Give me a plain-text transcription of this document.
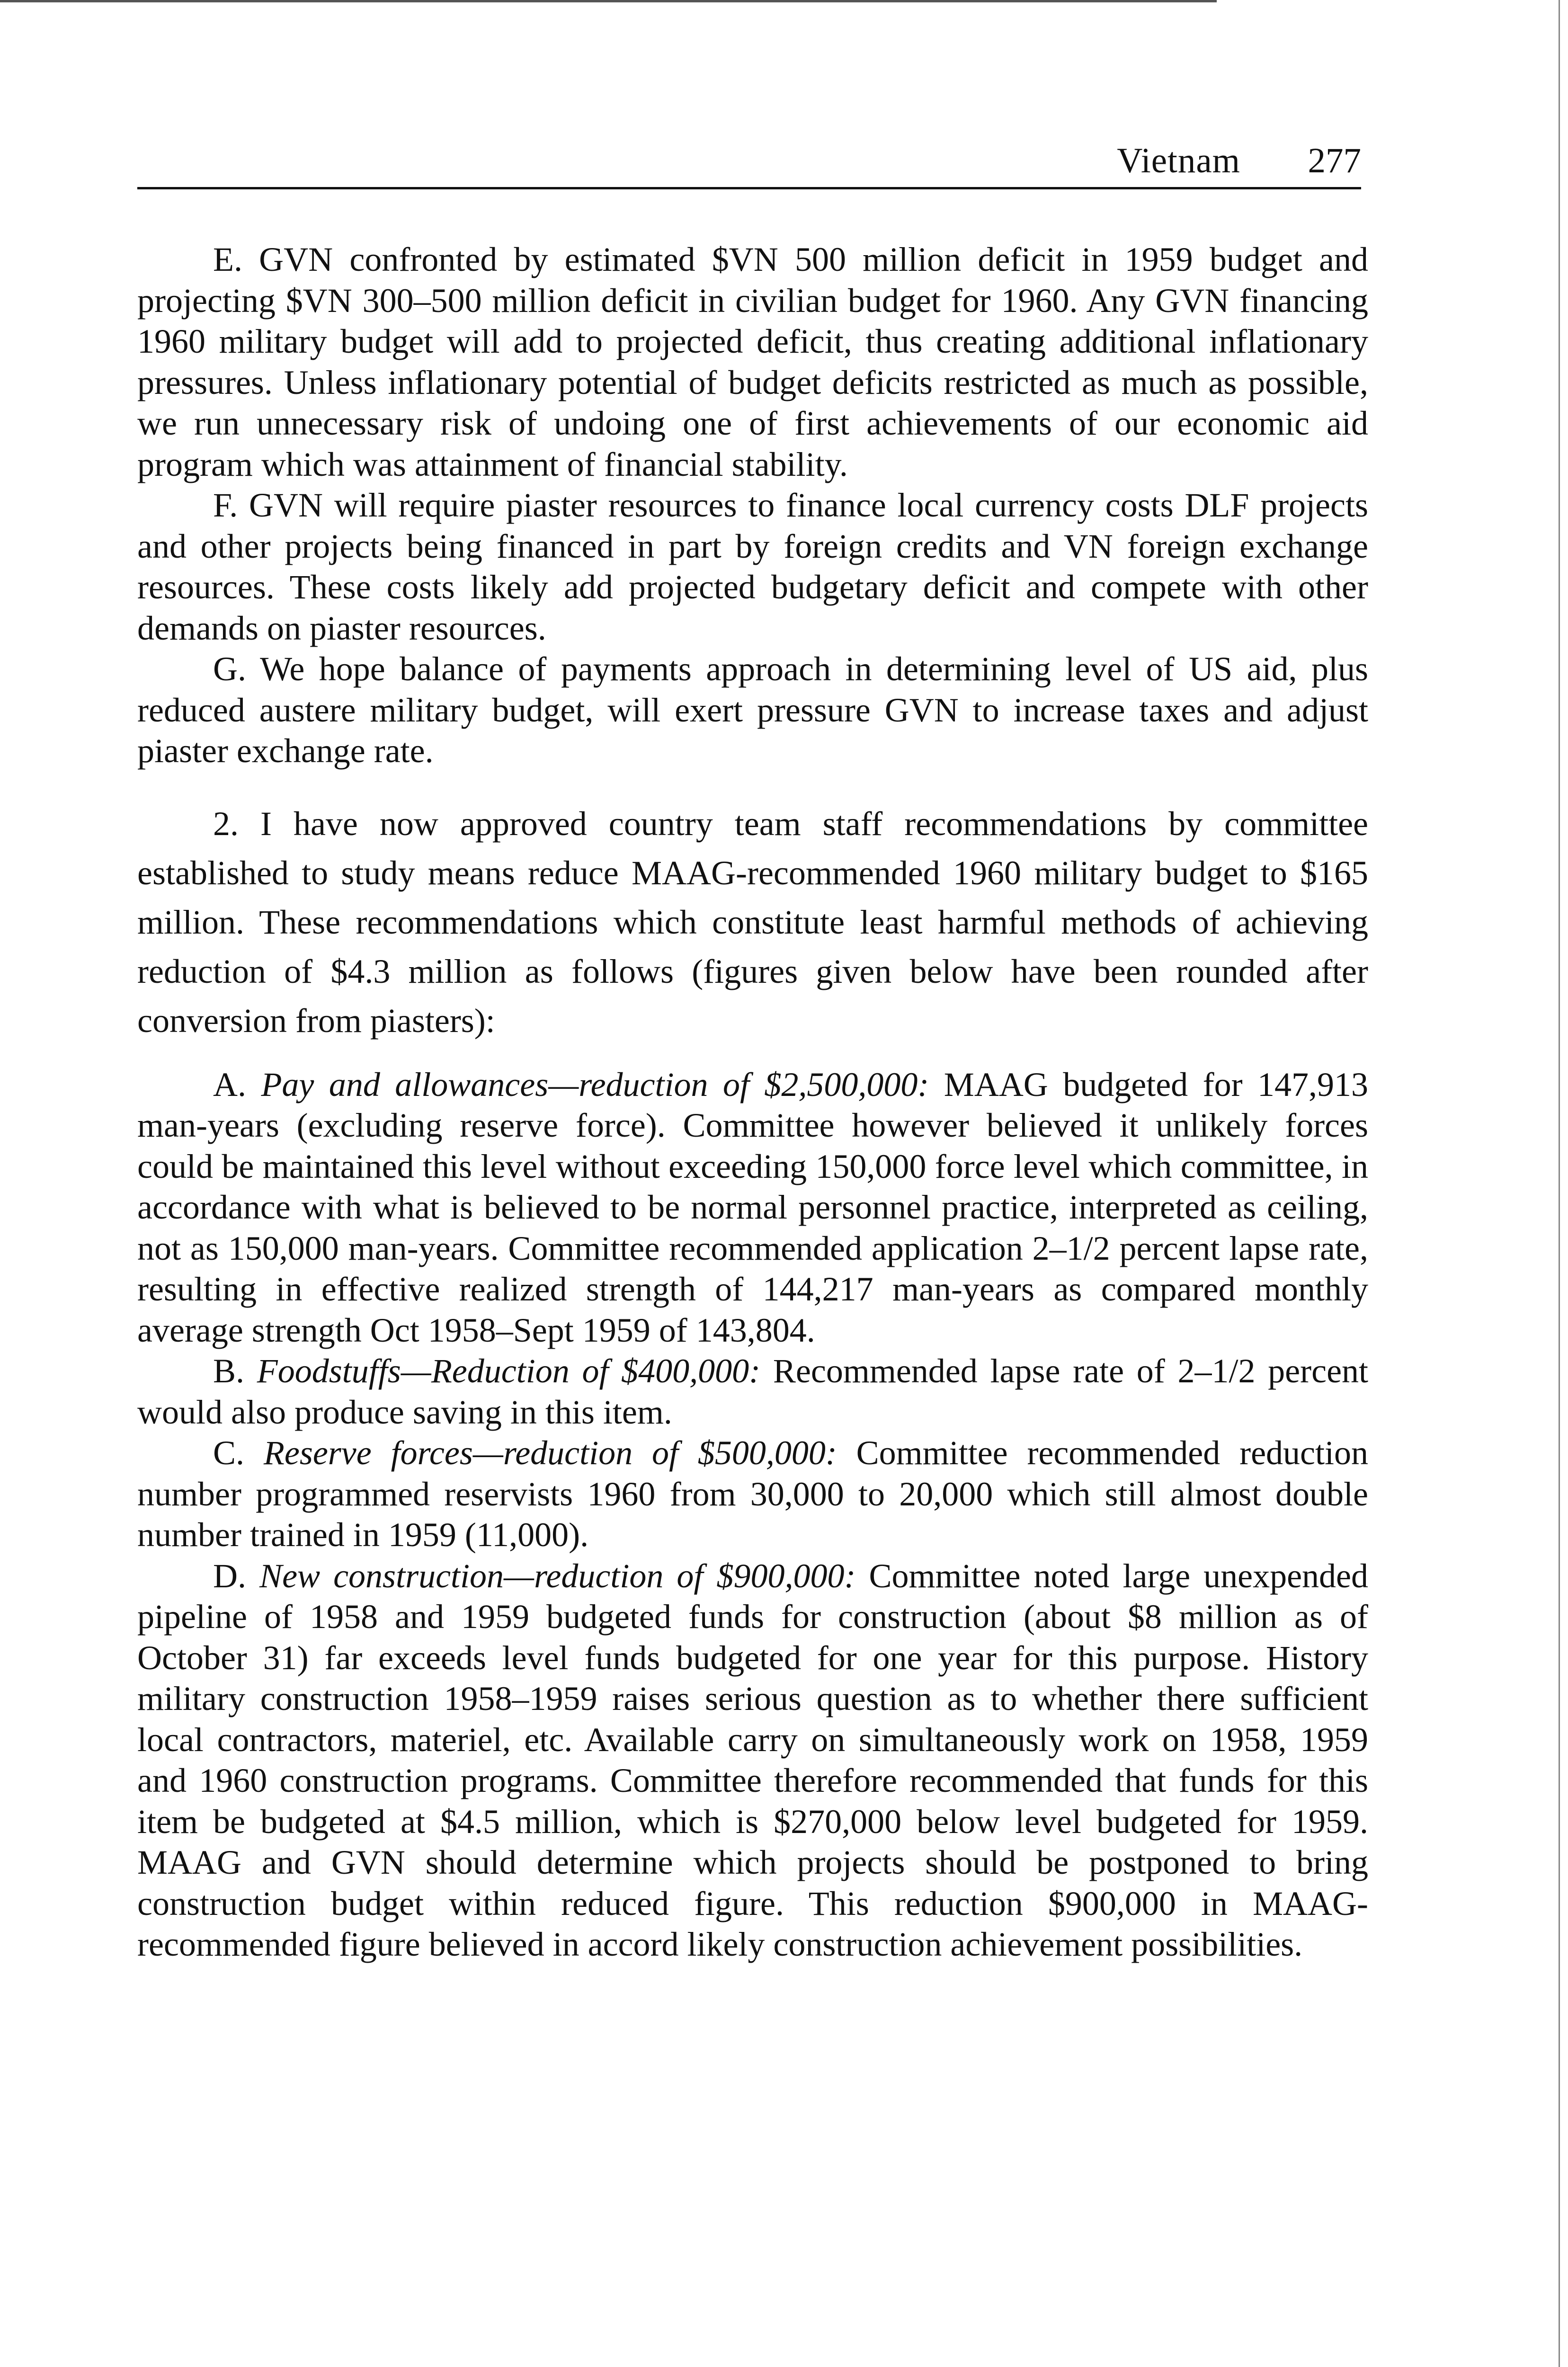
Vietnam 277

E. GVN confronted by estimated $VN 500 million deficit in 1959 budget and projecting $VN 300–500 million deficit in civilian budget for 1960. Any GVN financing 1960 military budget will add to projected deficit, thus creating additional inflationary pressures. Unless inflationary potential of budget deficits restricted as much as possible, we run unnecessary risk of undoing one of first achievements of our economic aid program which was attainment of financial stability.

F. GVN will require piaster resources to finance local currency costs DLF projects and other projects being financed in part by foreign credits and VN foreign exchange resources. These costs likely add projected budgetary deficit and compete with other demands on piaster resources.

G. We hope balance of payments approach in determining level of US aid, plus reduced austere military budget, will exert pressure GVN to increase taxes and adjust piaster exchange rate.

2. I have now approved country team staff recommendations by committee established to study means reduce MAAG-recommended 1960 military budget to $165 million. These recommendations which constitute least harmful methods of achieving reduction of $4.3 million as follows (figures given below have been rounded after conversion from piasters):

A. Pay and allowances—reduction of $2,500,000: MAAG budgeted for 147,913 man-years (excluding reserve force). Committee however believed it unlikely forces could be maintained this level without exceeding 150,000 force level which committee, in accordance with what is believed to be normal personnel practice, interpreted as ceiling, not as 150,000 man-years. Committee recommended application 2–1/2 percent lapse rate, resulting in effective realized strength of 144,217 man-years as compared monthly average strength Oct 1958–Sept 1959 of 143,804.

B. Foodstuffs—Reduction of $400,000: Recommended lapse rate of 2–1/2 percent would also produce saving in this item.

C. Reserve forces—reduction of $500,000: Committee recommended reduction number programmed reservists 1960 from 30,000 to 20,000 which still almost double number trained in 1959 (11,000).

D. New construction—reduction of $900,000: Committee noted large unexpended pipeline of 1958 and 1959 budgeted funds for construction (about $8 million as of October 31) far exceeds level funds budgeted for one year for this purpose. History military construction 1958–1959 raises serious question as to whether there sufficient local contractors, materiel, etc. Available carry on simultaneously work on 1958, 1959 and 1960 construction programs. Committee therefore recommended that funds for this item be budgeted at $4.5 million, which is $270,000 below level budgeted for 1959. MAAG and GVN should determine which projects should be postponed to bring construction budget within reduced figure. This reduction $900,000 in MAAG-recommended figure believed in accord likely construction achievement possibilities.
